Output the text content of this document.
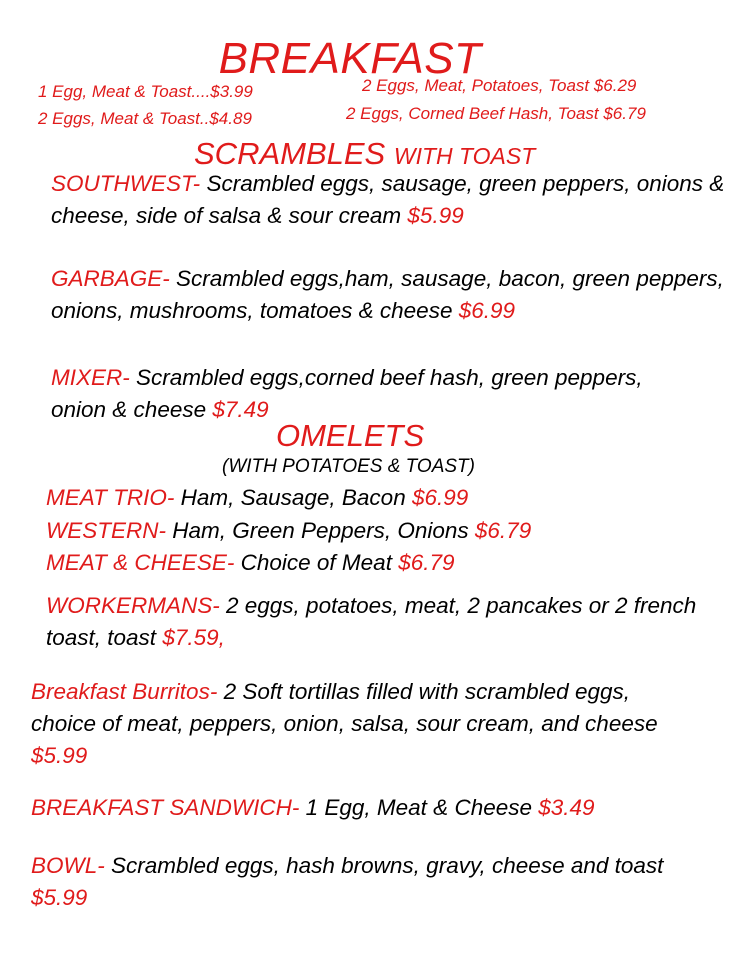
BREAKFAST
1 Egg, Meat & Toast....$3.99	2 Eggs, Meat, Potatoes, Toast $6.29
2 Eggs, Meat & Toast..$4.89	2 Eggs, Corned Beef Hash, Toast $6.79
SCRAMBLES WITH TOAST
SOUTHWEST- Scrambled eggs, sausage, green peppers, onions & cheese, side of salsa & sour cream $5.99
GARBAGE- Scrambled eggs,ham, sausage, bacon, green peppers, onions, mushrooms, tomatoes & cheese $6.99
MIXER- Scrambled eggs,corned beef hash, green peppers, onion & cheese $7.49
OMELETS
(WITH POTATOES & TOAST)
MEAT TRIO- Ham, Sausage, Bacon $6.99
WESTERN- Ham, Green Peppers, Onions $6.79
MEAT & CHEESE- Choice of Meat $6.79
WORKERMANS- 2 eggs, potatoes, meat, 2 pancakes or 2 french toast, toast $7.59,
Breakfast Burritos- 2 Soft tortillas filled with scrambled eggs, choice of meat, peppers, onion, salsa, sour cream, and cheese $5.99
BREAKFAST SANDWICH- 1 Egg, Meat & Cheese $3.49
BOWL- Scrambled eggs, hash browns, gravy, cheese and toast $5.99
